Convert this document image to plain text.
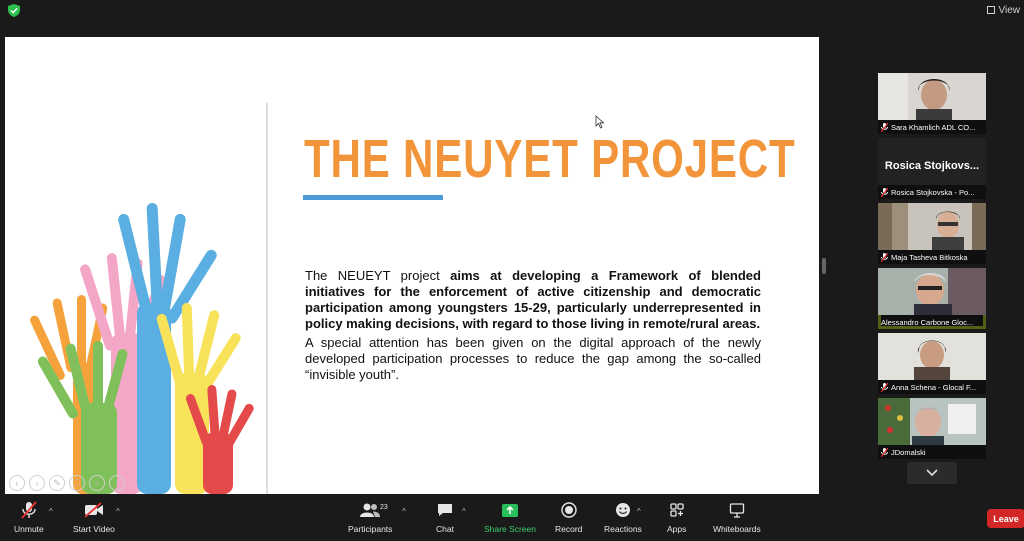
View
THE NEUYET PROJECT

The NEUEYT project aims at developing a Framework of blended initiatives for the enforcement of active citizenship and democratic participation among youngsters 15-29, particularly underrepresented in policy making decisions, with regard to those living in remote/rural areas.

A special attention has been given on the digital approach of the newly developed participation processes to reduce the gap among the so-called “invisible youth”.

‹	›	✎	⎕	⌕	⋯
Sara Khamlich ADL CO...
Rosica Stojkovs...
Rosica Stojkovska - Po...
Maja Tasheva Bitkoska
Alessandro Carbone Gloc...
Anna Schena - Glocal F...
JDomalski
Unmute
^
Start Video
^
Participants
23 ^
Chat
^
Share Screen Record	Reactions
^
Apps	Whiteboards
Leave
